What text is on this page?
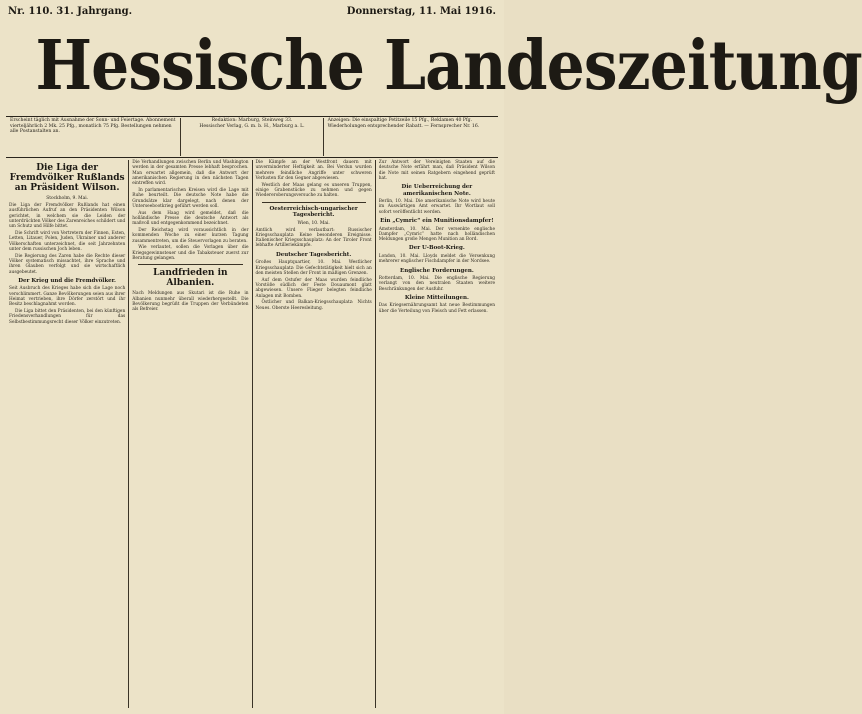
Nr. 110. 31. Jahrgang.	Donnerstag, 11. Mai 1916.
Hessische Landeszeitung
Erscheint täglich mit Ausnahme der Sonn- und Feiertage. Abonnement vierteljährlich 2 Mk. 25 Pfg., monatlich 75 Pfg. Bestellungen nehmen alle Postanstalten an.
Redaktion: Marburg, Steinweg 33.
Hessischer Verlag, G. m. b. H., Marburg a. L.
Anzeigen: Die einspaltige Petitzeile 15 Pfg., Reklamen 40 Pfg. Wiederholungen entsprechender Rabatt. — Fernsprecher Nr. 16.
Die Liga der Fremdvölker Rußlands an Präsident Wilson.
Stockholm, 9. Mai.

Die Liga der Fremdvölker Rußlands hat einen ausführlichen Aufruf an den Präsidenten Wilson gerichtet, in welchem sie die Leiden der unterdrückten Völker des Zarenreiches schildert und um Schutz und Hilfe bittet.

Die Schrift wird von Vertretern der Finnen, Esten, Letten, Litauer, Polen, Juden, Ukrainer und anderer Völkerschaften unterzeichnet, die seit Jahrzehnten unter dem russischen Joch leben.

Die Regierung des Zaren habe die Rechte dieser Völker systematisch missachtet, ihre Sprache und ihren Glauben verfolgt und sie wirtschaftlich ausgebeutet.

Der Krieg und die Fremdvölker.

Seit Ausbruch des Krieges habe sich die Lage noch verschlimmert. Ganze Bevölkerungen seien aus ihrer Heimat vertrieben, ihre Dörfer zerstört und ihr Besitz beschlagnahmt worden.

Die Liga bittet den Präsidenten, bei den künftigen Friedensverhandlungen für das Selbstbestimmungsrecht dieser Völker einzutreten.

Die Verhandlungen zwischen Berlin und Washington werden in der gesamten Presse lebhaft besprochen. Man erwartet allgemein, daß die Antwort der amerikanischen Regierung in den nächsten Tagen eintreffen wird.

In parlamentarischen Kreisen wird die Lage mit Ruhe beurteilt. Die deutsche Note habe die Grundsätze klar dargelegt, nach denen der Unterseebootkrieg geführt werden soll.

Aus dem Haag wird gemeldet, daß die holländische Presse die deutsche Antwort als maßvoll und entgegenkommend bezeichnet.

Der Reichstag wird voraussichtlich in der kommenden Woche zu einer kurzen Tagung zusammentreten, um die Steuervorlagen zu beraten.

Wie verlautet, sollen die Vorlagen über die Kriegsgewinnsteuer und die Tabaksteuer zuerst zur Beratung gelangen.

Landfrieden in Albanien.

Nach Meldungen aus Skutari ist die Ruhe in Albanien nunmehr überall wiederhergestellt. Die Bevölkerung begrüßt die Truppen der Verbündeten als Befreier.

Die Kämpfe an der Westfront dauern mit unverminderter Heftigkeit an. Bei Verdun wurden mehrere feindliche Angriffe unter schweren Verlusten für den Gegner abgewiesen.

Westlich der Maas gelang es unseren Truppen, einige Grabenstücke zu nehmen und gegen Wiedereroberungsversuche zu halten.

Oesterreichisch-ungarischer Tagesbericht.
Wien, 10. Mai.

Amtlich wird verlautbart: Russischer Kriegsschauplatz: Keine besonderen Ereignisse. Italienischer Kriegsschauplatz: An der Tiroler Front lebhafte Artilleriekämpfe.

Deutscher Tagesbericht.

Großes Hauptquartier, 10. Mai. Westlicher Kriegsschauplatz: Die Gefechtstätigkeit hielt sich an den meisten Stellen der Front in mäßigen Grenzen.

Auf dem Ostufer der Maas wurden feindliche Vorstöße südlich der Feste Douaumont glatt abgewiesen. Unsere Flieger belegten feindliche Anlagen mit Bomben.

Östlicher und Balkan-Kriegsschauplatz: Nichts Neues. Oberste Heeresleitung.

Zur Antwort der Vereinigten Staaten auf die deutsche Note erfährt man, daß Präsident Wilson die Note mit seinen Ratgebern eingehend geprüft hat.

Die Ueberreichung der amerikanischen Note.

Berlin, 10. Mai. Die amerikanische Note wird heute im Auswärtigen Amt erwartet. Ihr Wortlaut soll sofort veröffentlicht werden.

Ein „Cymric“ ein Munitionsdampfer!

Amsterdam, 10. Mai. Der versenkte englische Dampfer „Cymric“ hatte nach holländischen Meldungen große Mengen Munition an Bord.

Der U-Boot-Krieg.

London, 10. Mai. Lloyds meldet die Versenkung mehrerer englischer Fischdampfer in der Nordsee.

Englische Forderungen.

Rotterdam, 10. Mai. Die englische Regierung verlangt von den neutralen Staaten weitere Beschränkungen der Ausfuhr.

Kleine Mitteilungen.

Das Kriegsernährungsamt hat neue Bestimmungen über die Verteilung von Fleisch und Fett erlassen.
